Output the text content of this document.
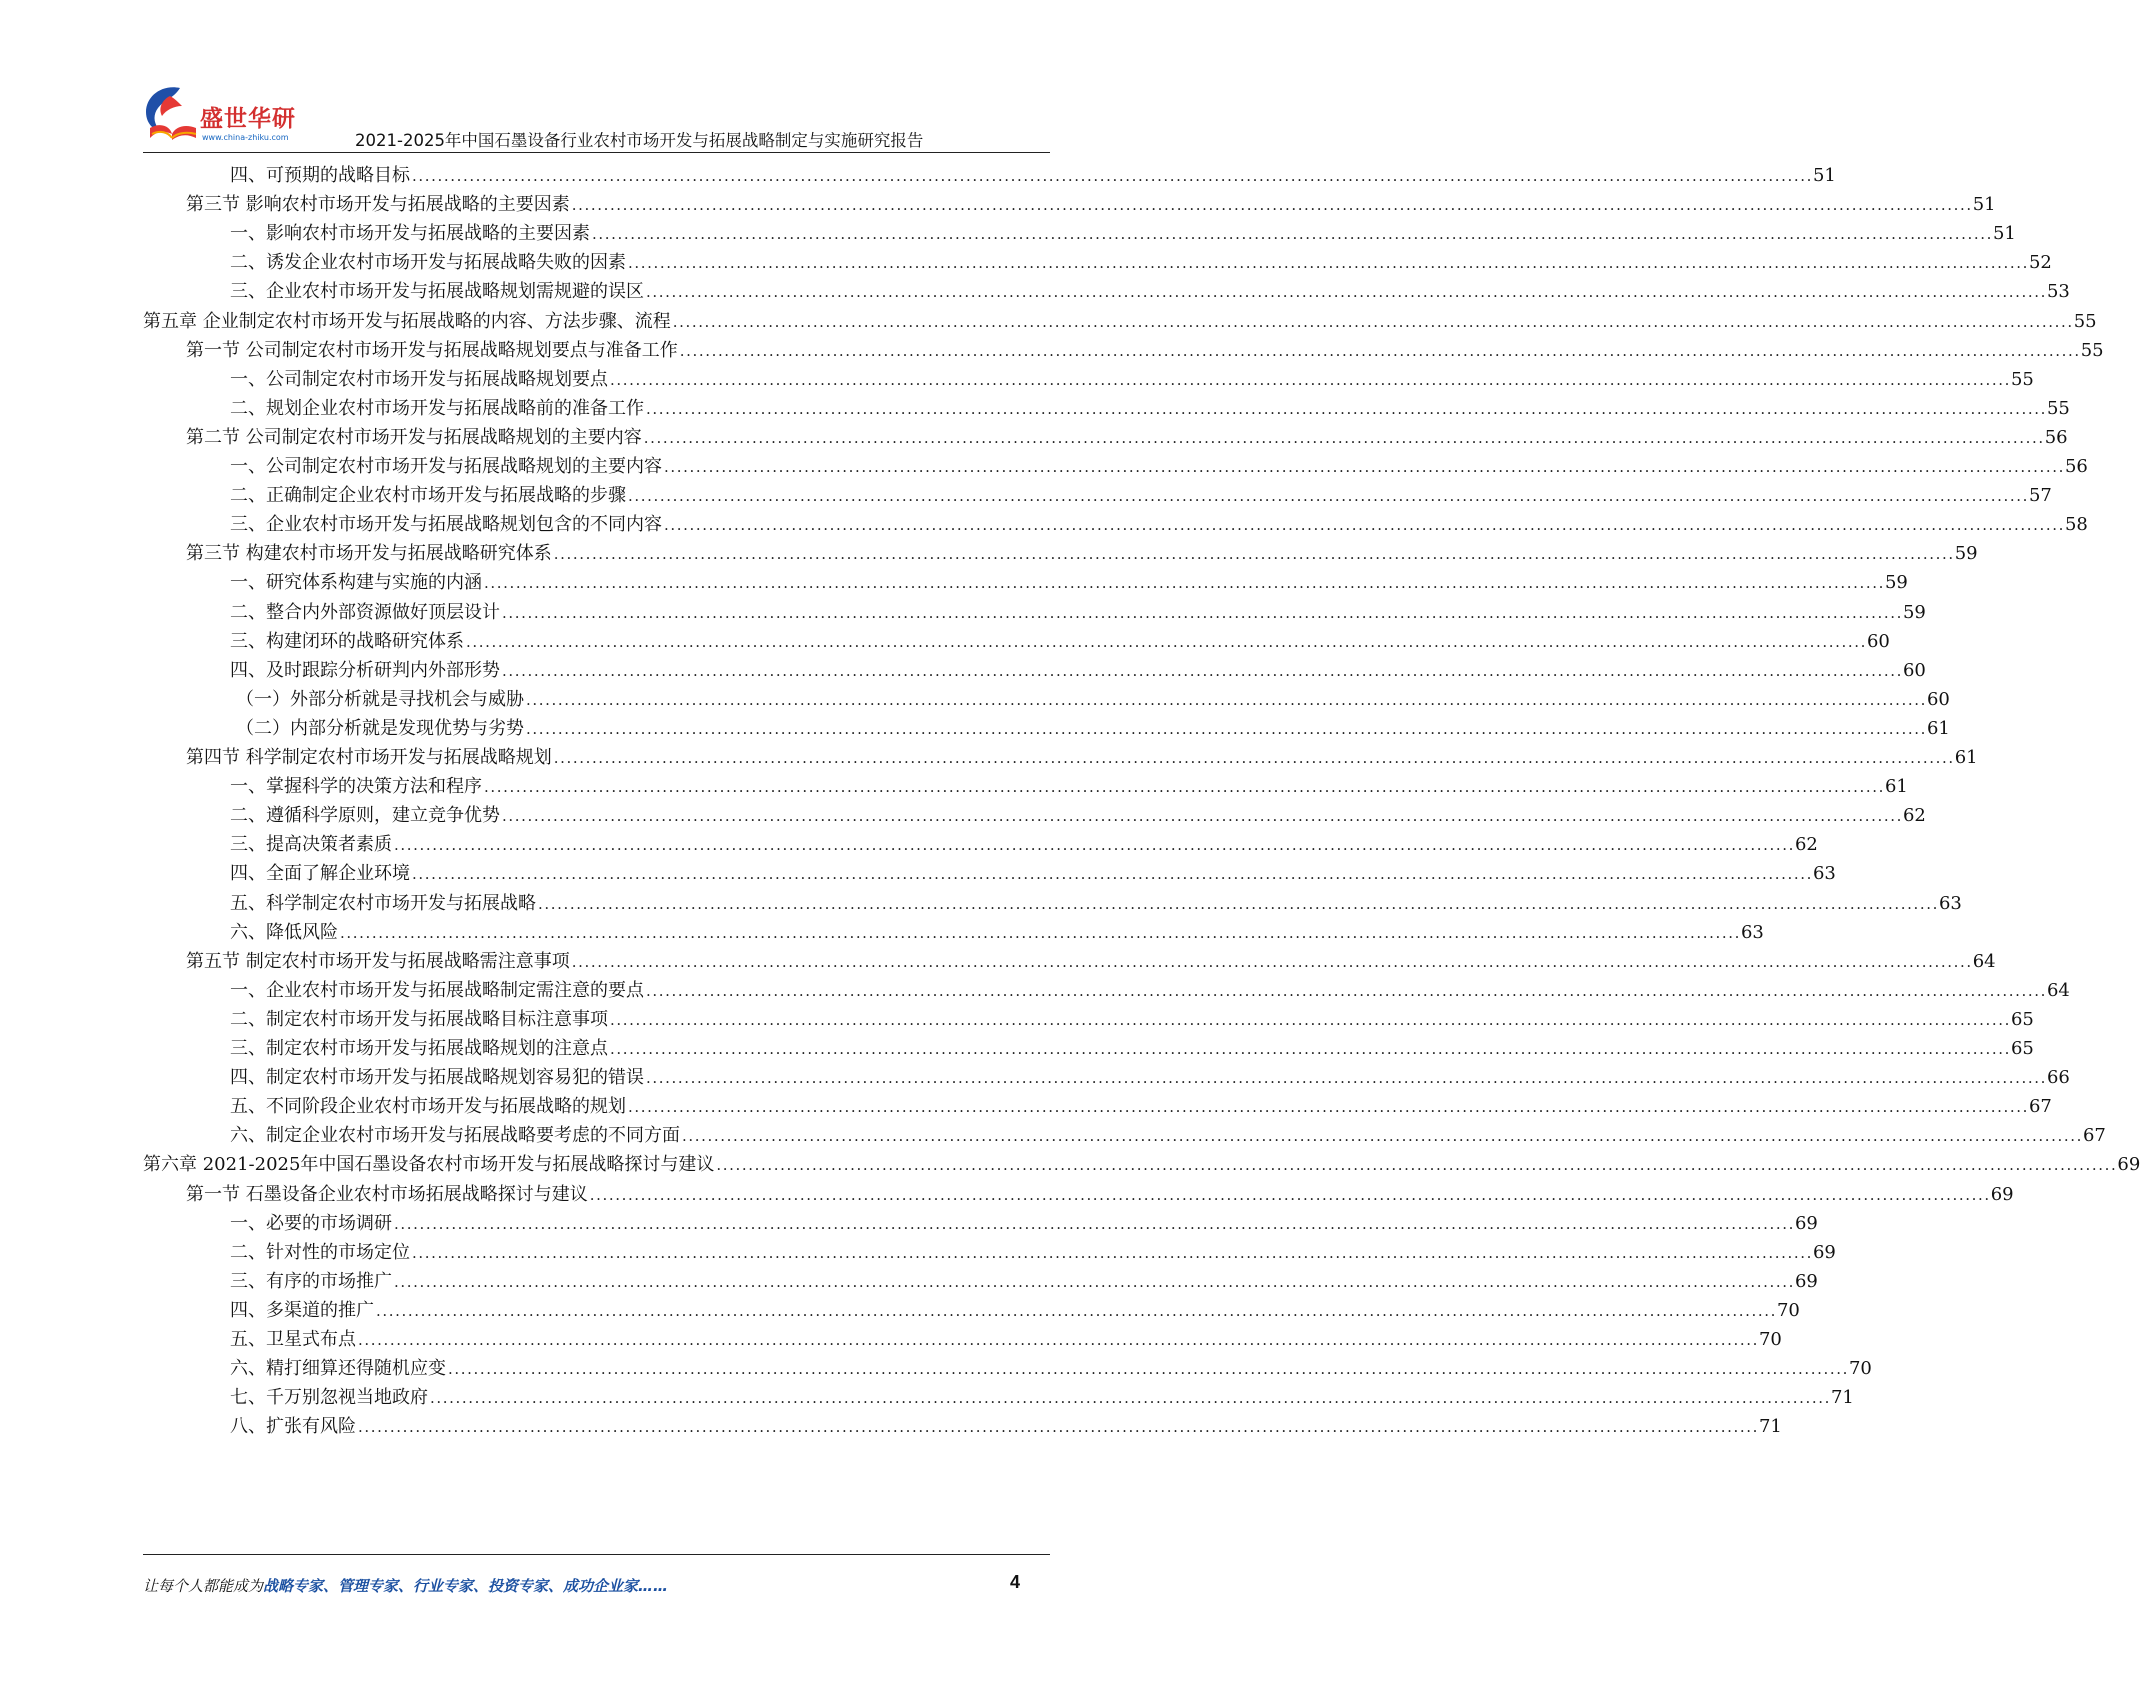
盛世华研
www.china-zhiku.com	2021-2025年中国石墨设备行业农村市场开发与拓展战略制定与实施研究报告
四、可预期的战略目标 ............................................................................................................................................................................................................................ 51
第三节 影响农村市场开发与拓展战略的主要因素 ............................................................................................................................................................................................................................ 51
一、影响农村市场开发与拓展战略的主要因素 ............................................................................................................................................................................................................................ 51
二、诱发企业农村市场开发与拓展战略失败的因素 ............................................................................................................................................................................................................................ 52
三、企业农村市场开发与拓展战略规划需规避的误区 ............................................................................................................................................................................................................................ 53
第五章 企业制定农村市场开发与拓展战略的内容、方法步骤、流程 ............................................................................................................................................................................................................................ 55
第一节 公司制定农村市场开发与拓展战略规划要点与准备工作 ............................................................................................................................................................................................................................ 55
一、公司制定农村市场开发与拓展战略规划要点 ............................................................................................................................................................................................................................ 55
二、规划企业农村市场开发与拓展战略前的准备工作 ............................................................................................................................................................................................................................ 55
第二节 公司制定农村市场开发与拓展战略规划的主要内容 ............................................................................................................................................................................................................................ 56
一、公司制定农村市场开发与拓展战略规划的主要内容 ............................................................................................................................................................................................................................ 56
二、正确制定企业农村市场开发与拓展战略的步骤 ............................................................................................................................................................................................................................ 57
三、企业农村市场开发与拓展战略规划包含的不同内容 ............................................................................................................................................................................................................................ 58
第三节 构建农村市场开发与拓展战略研究体系 ............................................................................................................................................................................................................................ 59
一、研究体系构建与实施的内涵 ............................................................................................................................................................................................................................ 59
二、整合内外部资源做好顶层设计 ............................................................................................................................................................................................................................ 59
三、构建闭环的战略研究体系 ............................................................................................................................................................................................................................ 60
四、及时跟踪分析研判内外部形势 ............................................................................................................................................................................................................................ 60
（一）外部分析就是寻找机会与威胁 ............................................................................................................................................................................................................................ 60
（二）内部分析就是发现优势与劣势 ............................................................................................................................................................................................................................ 61
第四节 科学制定农村市场开发与拓展战略规划 ............................................................................................................................................................................................................................ 61
一、掌握科学的决策方法和程序 ............................................................................................................................................................................................................................ 61
二、遵循科学原则，建立竞争优势 ............................................................................................................................................................................................................................ 62
三、提高决策者素质 ............................................................................................................................................................................................................................ 62
四、全面了解企业环境 ............................................................................................................................................................................................................................ 63
五、科学制定农村市场开发与拓展战略 ............................................................................................................................................................................................................................ 63
六、降低风险 ............................................................................................................................................................................................................................ 63
第五节 制定农村市场开发与拓展战略需注意事项 ............................................................................................................................................................................................................................ 64
一、企业农村市场开发与拓展战略制定需注意的要点 ............................................................................................................................................................................................................................ 64
二、制定农村市场开发与拓展战略目标注意事项 ............................................................................................................................................................................................................................ 65
三、制定农村市场开发与拓展战略规划的注意点 ............................................................................................................................................................................................................................ 65
四、制定农村市场开发与拓展战略规划容易犯的错误 ............................................................................................................................................................................................................................ 66
五、不同阶段企业农村市场开发与拓展战略的规划 ............................................................................................................................................................................................................................ 67
六、制定企业农村市场开发与拓展战略要考虑的不同方面 ............................................................................................................................................................................................................................ 67
第六章 2021-2025年中国石墨设备农村市场开发与拓展战略探讨与建议 ............................................................................................................................................................................................................................ 69
第一节 石墨设备企业农村市场拓展战略探讨与建议 ............................................................................................................................................................................................................................ 69
一、必要的市场调研 ............................................................................................................................................................................................................................ 69
二、针对性的市场定位 ............................................................................................................................................................................................................................ 69
三、有序的市场推广 ............................................................................................................................................................................................................................ 69
四、多渠道的推广 ............................................................................................................................................................................................................................ 70
五、卫星式布点 ............................................................................................................................................................................................................................ 70
六、精打细算还得随机应变 ............................................................................................................................................................................................................................ 70
七、千万别忽视当地政府 ............................................................................................................................................................................................................................ 71
八、扩张有风险 ............................................................................................................................................................................................................................ 71
让每个人都能成为战略专家、管理专家、行业专家、投资专家、成功企业家……	4
